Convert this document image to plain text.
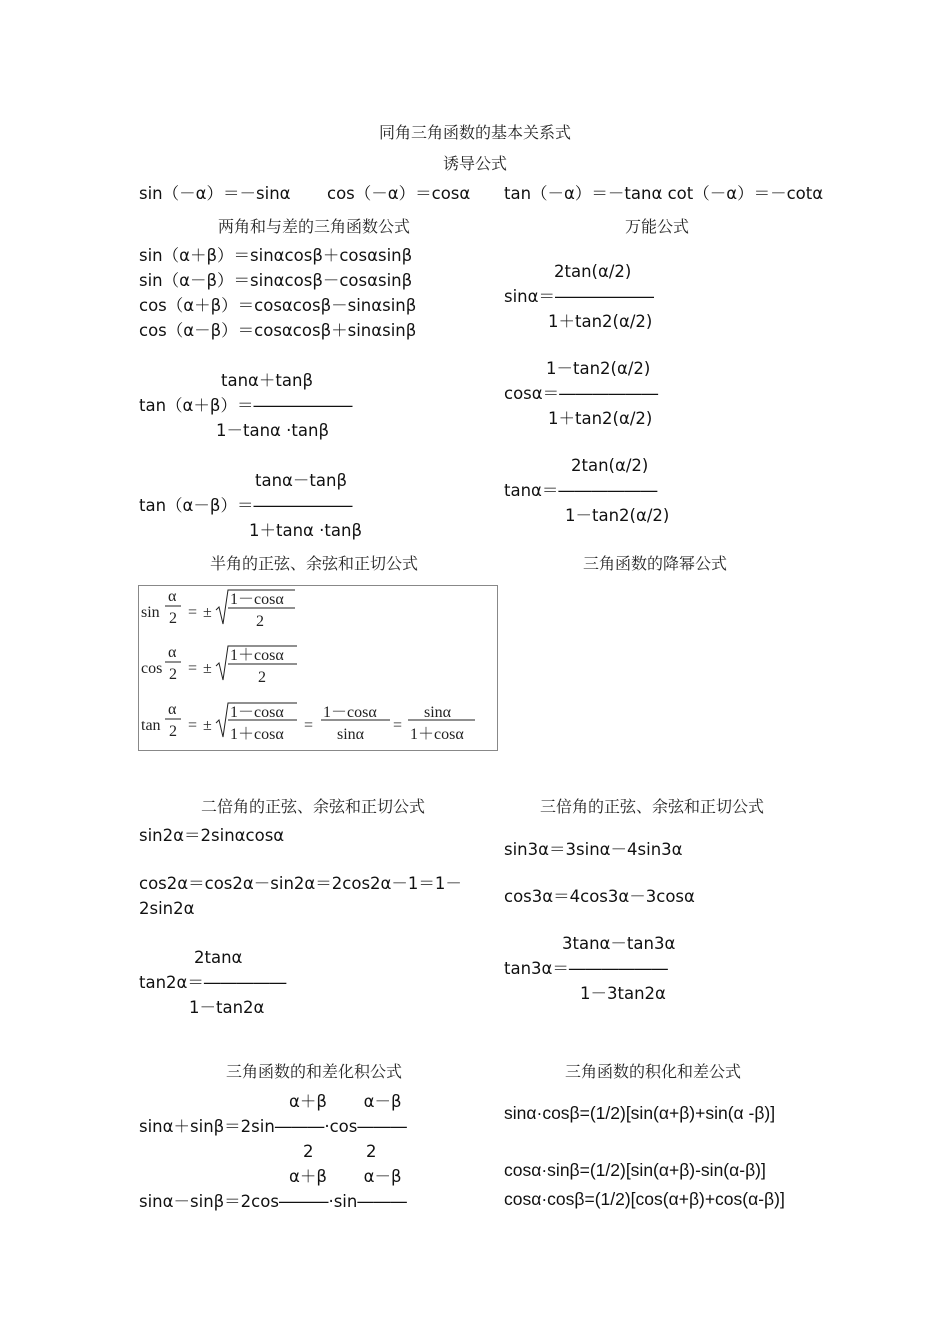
同角三角函数的基本关系式
诱导公式
sin（－α）＝－sinα cos（－α）＝cosα tan（－α）＝－tanα cot（－α）＝－cotα
两角和与差的三角函数公式
sin（α＋β）＝sinαcosβ＋cosαsinβ
sin（α－β）＝sinαcosβ－cosαsinβ
cos（α＋β）＝cosαcosβ－sinαsinβ
cos（α－β）＝cosαcosβ＋sinαsinβ
tanα＋tanβ
tan（α＋β）＝――――――
1－tanα ·tanβ
tanα－tanβ
tan（α－β）＝――――――
1＋tanα ·tanβ
万能公式
2tan(α/2)
sinα＝――――――
1＋tan2(α/2)
1－tan2(α/2)
cosα＝――――――
1＋tan2(α/2)
2tan(α/2)
tanα＝――――――
1－tan2(α/2)
半角的正弦、余弦和正切公式	三角函数的降幂公式
sin
α
2 = ±
1－cosα
2
cos
α
2 = ±
1＋cosα
2
tan
α
2 = ±
1－cosα
1＋cosα
=
1－cosα
sinα
=
sinα
1＋cosα
二倍角的正弦、余弦和正切公式
sin2α＝2sinαcosα
cos2α＝cos2α－sin2α＝2cos2α－1＝1－
2sin2α
2tanα
tan2α＝―――――
1－tan2α
三倍角的正弦、余弦和正切公式
sin3α＝3sinα－4sin3α
cos3α＝4cos3α－3cosα
3tanα－tan3α
tan3α＝――――――
1－3tan2α
三角函数的和差化积公式
α＋β       α－β
sinα＋sinβ＝2sin―――·cos―――
2          2
α＋β       α－β
sinα－sinβ＝2cos―――·sin―――
三角函数的积化和差公式
sinα·cosβ=(1/2)[sin(α+β)+sin(α -β)]
cosα·sinβ=(1/2)[sin(α+β)-sin(α-β)]
cosα·cosβ=(1/2)[cos(α+β)+cos(α-β)]
